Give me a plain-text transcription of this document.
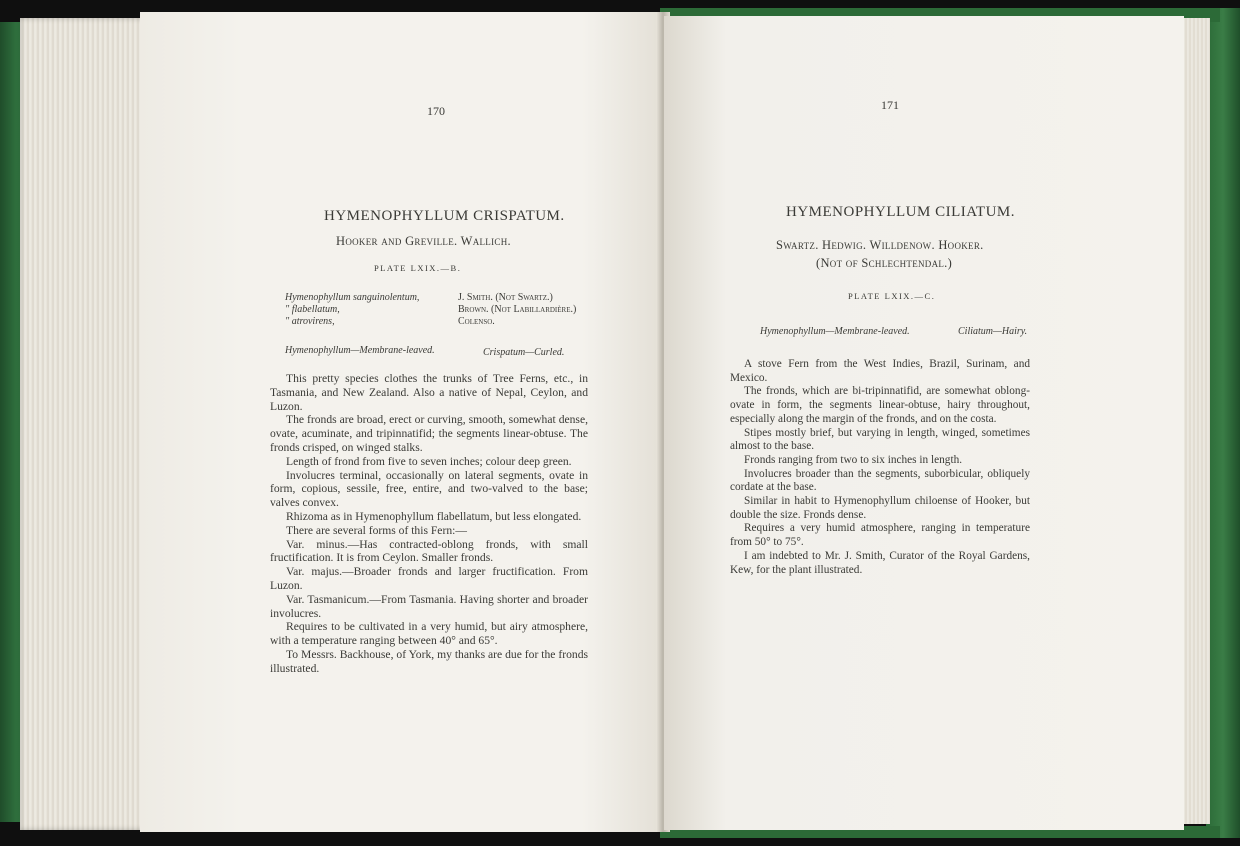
170
HYMENOPHYLLUM CRISPATUM.
Hooker and Greville. Wallich.
PLATE LXIX.—B.
Hymenophyllum sanguinolentum,
" flabellatum,
" atrovirens,
J. Smith. (Not Swartz.)
Brown. (Not Labillardière.)
Colenso.
Hymenophyllum—Membrane-leaved.	Crispatum—Curled.

This pretty species clothes the trunks of Tree Ferns, etc., in Tasmania, and New Zealand. Also a native of Nepal, Ceylon, and Luzon.

The fronds are broad, erect or curving, smooth, somewhat dense, ovate, acuminate, and tripinnatifid; the segments linear-obtuse. The fronds crisped, on winged stalks.

Length of frond from five to seven inches; colour deep green.

Involucres terminal, occasionally on lateral segments, ovate in form, copious, sessile, free, entire, and two-valved to the base; valves convex.

Rhizoma as in Hymenophyllum flabellatum, but less elongated.

There are several forms of this Fern:—

Var. minus.—Has contracted-oblong fronds, with small fructification. It is from Ceylon. Smaller fronds.

Var. majus.—Broader fronds and larger fructification. From Luzon.

Var. Tasmanicum.—From Tasmania. Having shorter and broader involucres.

Requires to be cultivated in a very humid, but airy atmosphere, with a temperature ranging between 40° and 65°.

To Messrs. Backhouse, of York, my thanks are due for the fronds illustrated.

171
HYMENOPHYLLUM CILIATUM.
Swartz. Hedwig. Willdenow. Hooker.
(Not of Schlechtendal.)
PLATE LXIX.—C.
Hymenophyllum—Membrane-leaved.	Ciliatum—Hairy.

A stove Fern from the West Indies, Brazil, Surinam, and Mexico.

The fronds, which are bi-tripinnatifid, are somewhat oblong-ovate in form, the segments linear-obtuse, hairy throughout, especially along the margin of the fronds, and on the costa.

Stipes mostly brief, but varying in length, winged, sometimes almost to the base.

Fronds ranging from two to six inches in length.

Involucres broader than the segments, suborbicular, obliquely cordate at the base.

Similar in habit to Hymenophyllum chiloense of Hooker, but double the size. Fronds dense.

Requires a very humid atmosphere, ranging in temperature from 50° to 75°.

I am indebted to Mr. J. Smith, Curator of the Royal Gardens, Kew, for the plant illustrated.
